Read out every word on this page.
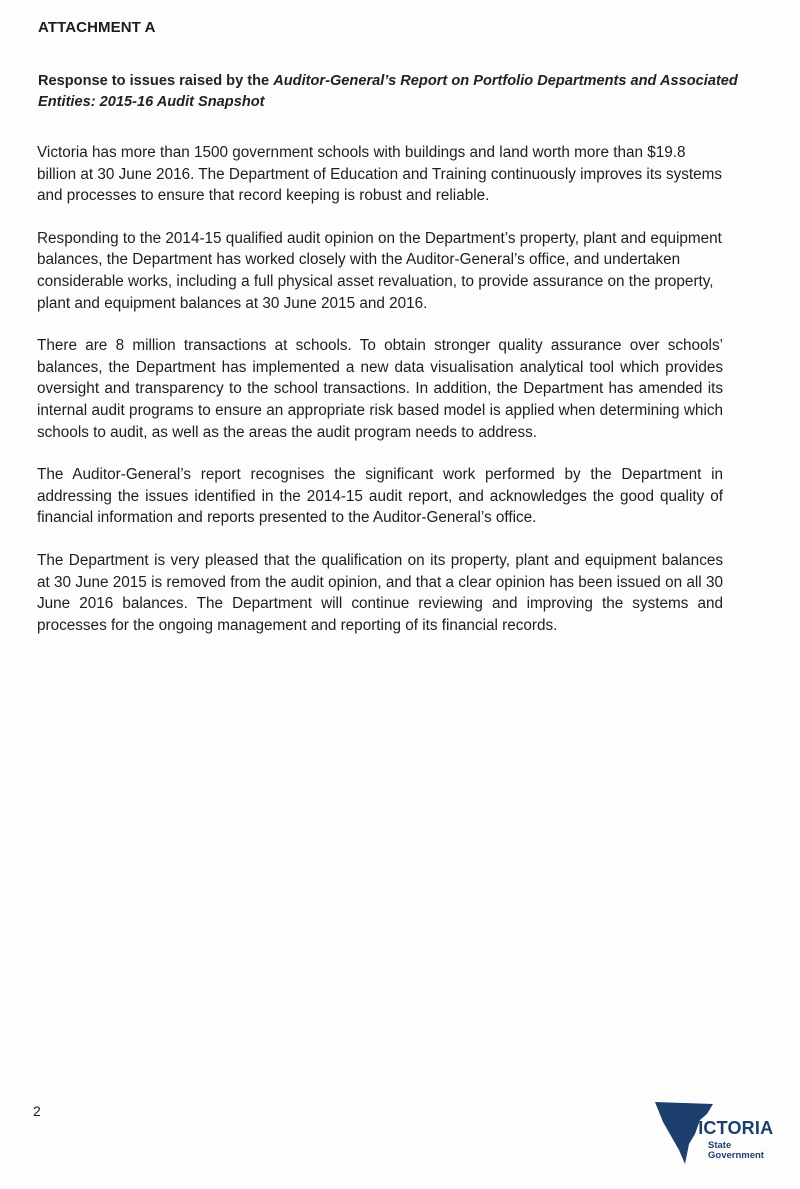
ATTACHMENT A
Response to issues raised by the Auditor-General’s Report on Portfolio Departments and Associated Entities: 2015-16 Audit Snapshot

Victoria has more than 1500 government schools with buildings and land worth more than $19.8 billion at 30 June 2016. The Department of Education and Training continuously improves its systems and processes to ensure that record keeping is robust and reliable.

Responding to the 2014-15 qualified audit opinion on the Department’s property, plant and equipment balances, the Department has worked closely with the Auditor-General’s office, and undertaken considerable works, including a full physical asset revaluation, to provide assurance on the property, plant and equipment balances at 30 June 2015 and 2016.

There are 8 million transactions at schools. To obtain stronger quality assurance over schools’ balances, the Department has implemented a new data visualisation analytical tool which provides oversight and transparency to the school transactions. In addition, the Department has amended its internal audit programs to ensure an appropriate risk based model is applied when determining which schools to audit, as well as the areas the audit program needs to address.

The Auditor-General’s report recognises the significant work performed by the Department in addressing the issues identified in the 2014-15 audit report, and acknowledges the good quality of financial information and reports presented to the Auditor-General’s office.

The Department is very pleased that the qualification on its property, plant and equipment balances at 30 June 2015 is removed from the audit opinion, and that a clear opinion has been issued on all 30 June 2016 balances. The Department will continue reviewing and improving the systems and processes for the ongoing management and reporting of its financial records.

2

VICTORIA
State
Government
